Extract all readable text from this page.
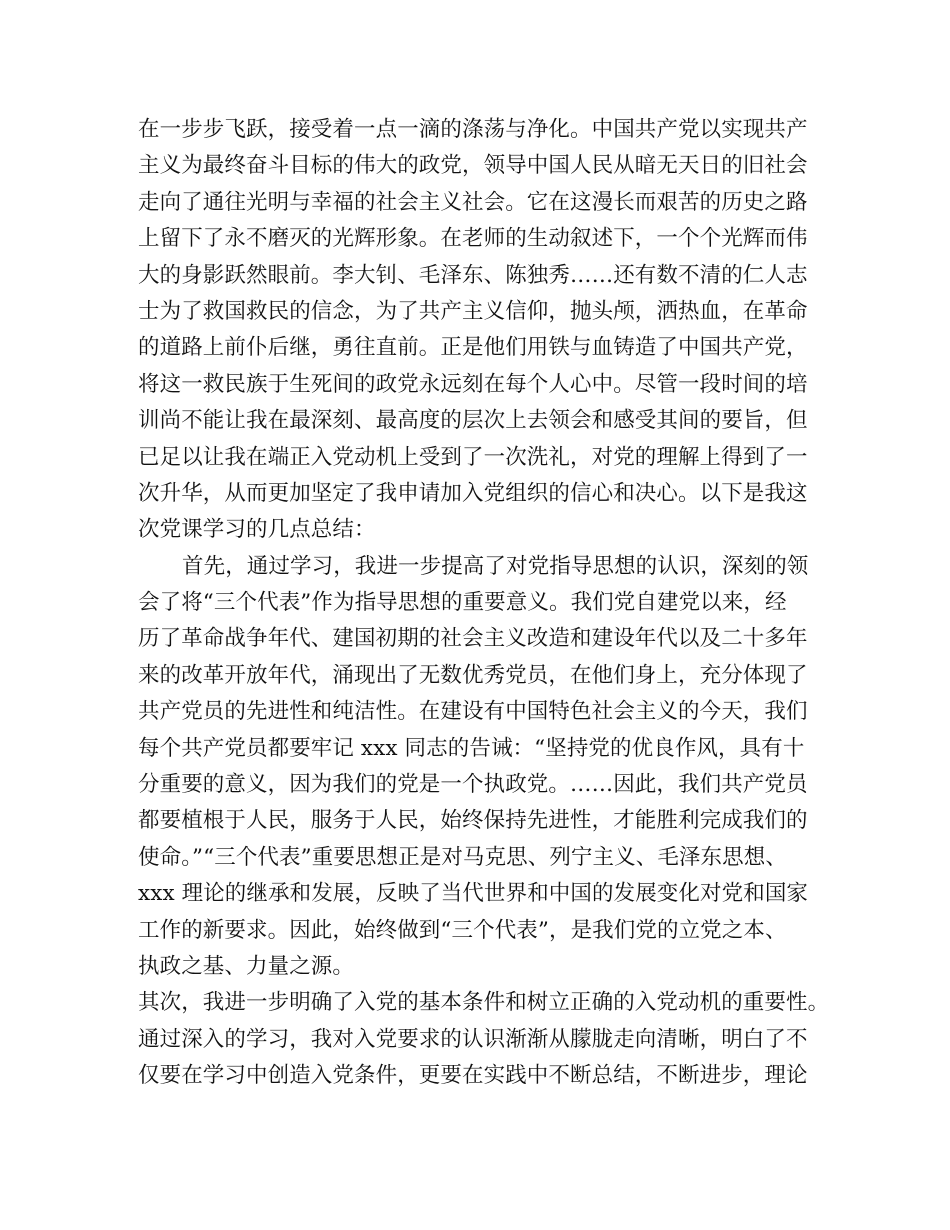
在一步步飞跃，接受着一点一滴的涤荡与净化。中国共产党以实现共产
主义为最终奋斗目标的伟大的政党，领导中国人民从暗无天日的旧社会
走向了通往光明与幸福的社会主义社会。它在这漫长而艰苦的历史之路
上留下了永不磨灭的光辉形象。在老师的生动叙述下，一个个光辉而伟
大的身影跃然眼前。李大钊、毛泽东、陈独秀……还有数不清的仁人志
士为了救国救民的信念，为了共产主义信仰，抛头颅，洒热血，在革命
的道路上前仆后继，勇往直前。正是他们用铁与血铸造了中国共产党，
将这一救民族于生死间的政党永远刻在每个人心中。尽管一段时间的培
训尚不能让我在最深刻、最高度的层次上去领会和感受其间的要旨，但
已足以让我在端正入党动机上受到了一次洗礼，对党的理解上得到了一
次升华，从而更加坚定了我申请加入党组织的信心和决心。以下是我这
次党课学习的几点总结：
首先，通过学习，我进一步提高了对党指导思想的认识，深刻的领
会了将“三个代表”作为指导思想的重要意义。我们党自建党以来，经
历了革命战争年代、建国初期的社会主义改造和建设年代以及二十多年
来的改革开放年代，涌现出了无数优秀党员，在他们身上，充分体现了
共产党员的先进性和纯洁性。在建设有中国特色社会主义的今天，我们
每个共产党员都要牢记 xxx 同志的告诫：“坚持党的优良作风，具有十
分重要的意义，因为我们的党是一个执政党。……因此，我们共产党员
都要植根于人民，服务于人民，始终保持先进性，才能胜利完成我们的
使命。”“三个代表”重要思想正是对马克思、列宁主义、毛泽东思想、
xxx 理论的继承和发展，反映了当代世界和中国的发展变化对党和国家
工作的新要求。因此，始终做到“三个代表”，是我们党的立党之本、
执政之基、力量之源。
其次，我进一步明确了入党的基本条件和树立正确的入党动机的重要性。
通过深入的学习，我对入党要求的认识渐渐从朦胧走向清晰，明白了不
仅要在学习中创造入党条件，更要在实践中不断总结，不断进步，理论
